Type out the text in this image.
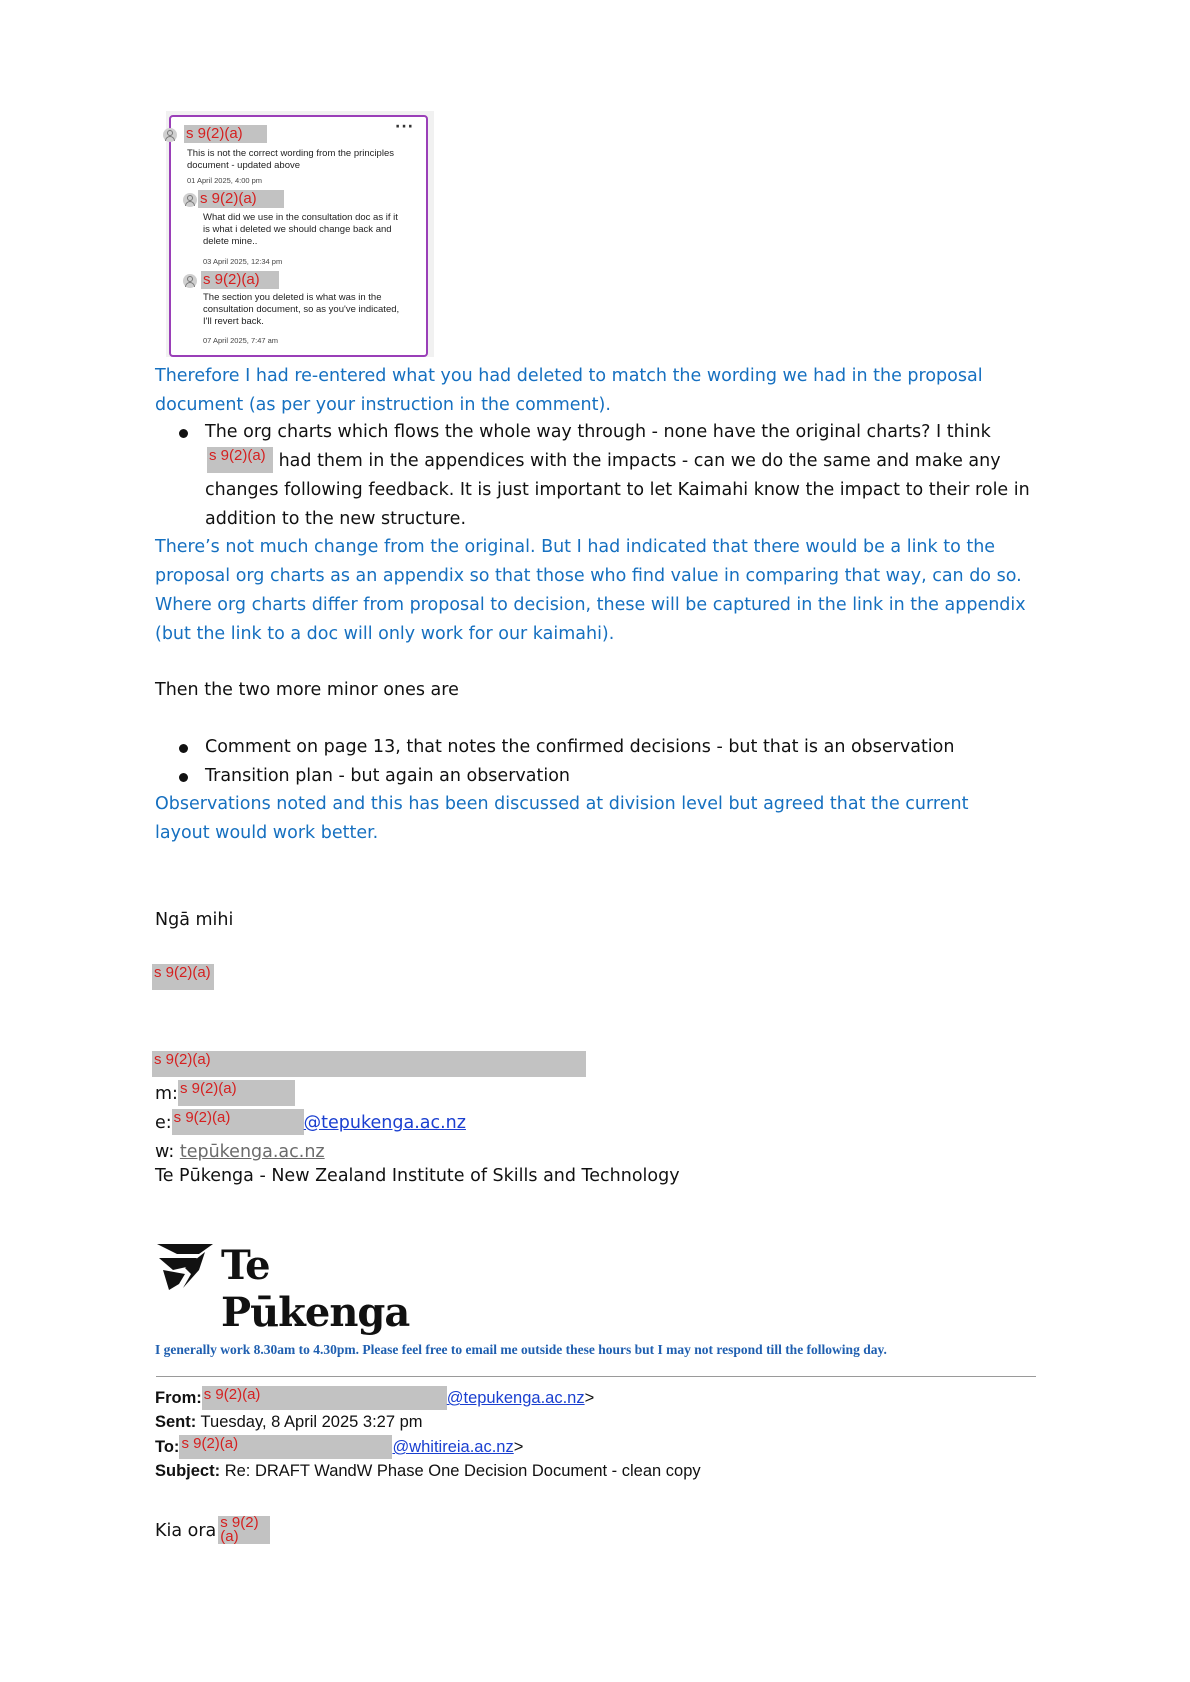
···
s 9(2)(a)
This is not the correct wording from the principles document - updated above
01 April 2025, 4:00 pm
s 9(2)(a)
What did we use in the consultation doc as if it is what i deleted we should change back and delete mine..
03 April 2025, 12:34 pm
s 9(2)(a)
The section you deleted is what was in the consultation document, so as you've indicated, I'll revert back.
07 April 2025, 7:47 am
Therefore I had re-entered what you had deleted to match the wording we had in the proposal document (as per your instruction in the comment).
The org charts which flows the whole way through - none have the original charts? I thinks 9(2)(a) had them in the appendices with the impacts - can we do the same and make any changes following feedback. It is just important to let Kaimahi know the impact to their role in addition to the new structure.
There’s not much change from the original. But I had indicated that there would be a link to the proposal org charts as an appendix so that those who find value in comparing that way, can do so. Where org charts differ from proposal to decision, these will be captured in the link in the appendix (but the link to a doc will only work for our kaimahi).
Then the two more minor ones are
Comment on page 13, that notes the confirmed decisions - but that is an observation
Transition plan - but again an observation
Observations noted and this has been discussed at division level but agreed that the current layout would work better.
Ngā mihi
s 9(2)(a)
s 9(2)(a)
m: s 9(2)(a)
e: s 9(2)(a)	@tepukenga.ac.nz
w: tepūkenga.ac.nz
Te Pūkenga - New Zealand Institute of Skills and Technology
Te Pūkenga
I generally work 8.30am to 4.30pm. Please feel free to email me outside these hours but I may not respond till the following day.
From: s 9(2)(a)	@tepukenga.ac.nz>
Sent: Tuesday, 8 April 2025 3:27 pm
To: s 9(2)(a)	@whitireia.ac.nz>
Subject: Re: DRAFT WandW Phase One Decision Document - clean copy
Kia ora s 9(2)
(a)
